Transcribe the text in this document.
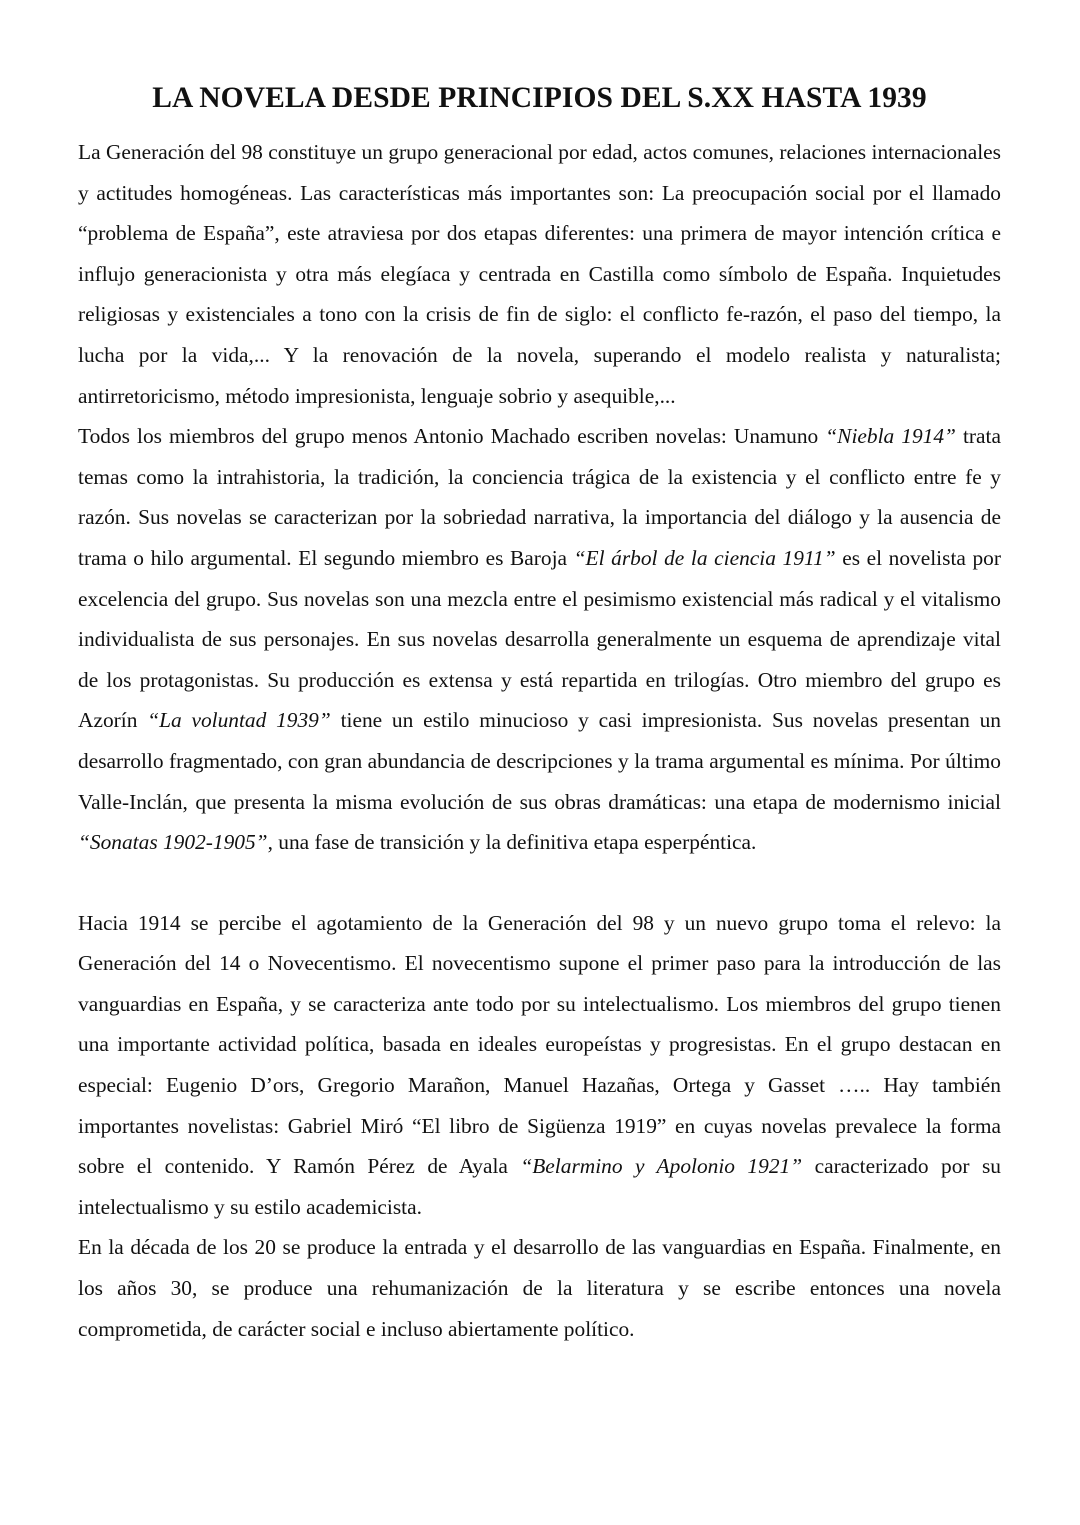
LA NOVELA DESDE PRINCIPIOS DEL S.XX HASTA 1939

La Generación del 98 constituye un grupo generacional por edad, actos comunes, relaciones internacionales y actitudes homogéneas. Las características más importantes son: La preocupación social por el llamado “problema de España”, este atraviesa por dos etapas diferentes: una primera de mayor intención crítica e influjo generacionista y otra más elegíaca y centrada en Castilla como símbolo de España. Inquietudes religiosas y existenciales a tono con la crisis de fin de siglo: el conflicto fe-razón, el paso del tiempo, la lucha por la vida,... Y la renovación de la novela, superando el modelo realista y naturalista; antirretoricismo, método impresionista, lenguaje sobrio y asequible,...

Todos los miembros del grupo menos Antonio Machado escriben novelas: Unamuno “Niebla 1914” trata temas como la intrahistoria, la tradición, la conciencia trágica de la existencia y el conflicto entre fe y razón. Sus novelas se caracterizan por la sobriedad narrativa, la importancia del diálogo y la ausencia de trama o hilo argumental. El segundo miembro es Baroja “El árbol de la ciencia 1911” es el novelista por excelencia del grupo. Sus novelas son una mezcla entre el pesimismo existencial más radical y el vitalismo individualista de sus personajes. En sus novelas desarrolla generalmente un esquema de aprendizaje vital de los protagonistas. Su producción es extensa y está repartida en trilogías. Otro miembro del grupo es Azorín “La voluntad 1939” tiene un estilo minucioso y casi impresionista. Sus novelas presentan un desarrollo fragmentado, con gran abundancia de descripciones y la trama argumental es mínima. Por último Valle-Inclán, que presenta la misma evolución de sus obras dramáticas: una etapa de modernismo inicial “Sonatas 1902-1905”, una fase de transición y la definitiva etapa esperpéntica.

Hacia 1914 se percibe el agotamiento de la Generación del 98 y un nuevo grupo toma el relevo: la Generación del 14 o Novecentismo. El novecentismo supone el primer paso para la introducción de las vanguardias en España, y se caracteriza ante todo por su intelectualismo. Los miembros del grupo tienen una importante actividad política, basada en ideales europeístas y progresistas. En el grupo destacan en especial: Eugenio D’ors, Gregorio Marañon, Manuel Hazañas, Ortega y Gasset ….. Hay también importantes novelistas: Gabriel Miró “El libro de Sigüenza 1919” en cuyas novelas prevalece la forma sobre el contenido. Y Ramón Pérez de Ayala “Belarmino y Apolonio 1921” caracterizado por su intelectualismo y su estilo academicista.

En la década de los 20 se produce la entrada y el desarrollo de las vanguardias en España. Finalmente, en los años 30, se produce una rehumanización de la literatura y se escribe entonces una novela comprometida, de carácter social e incluso abiertamente político.
